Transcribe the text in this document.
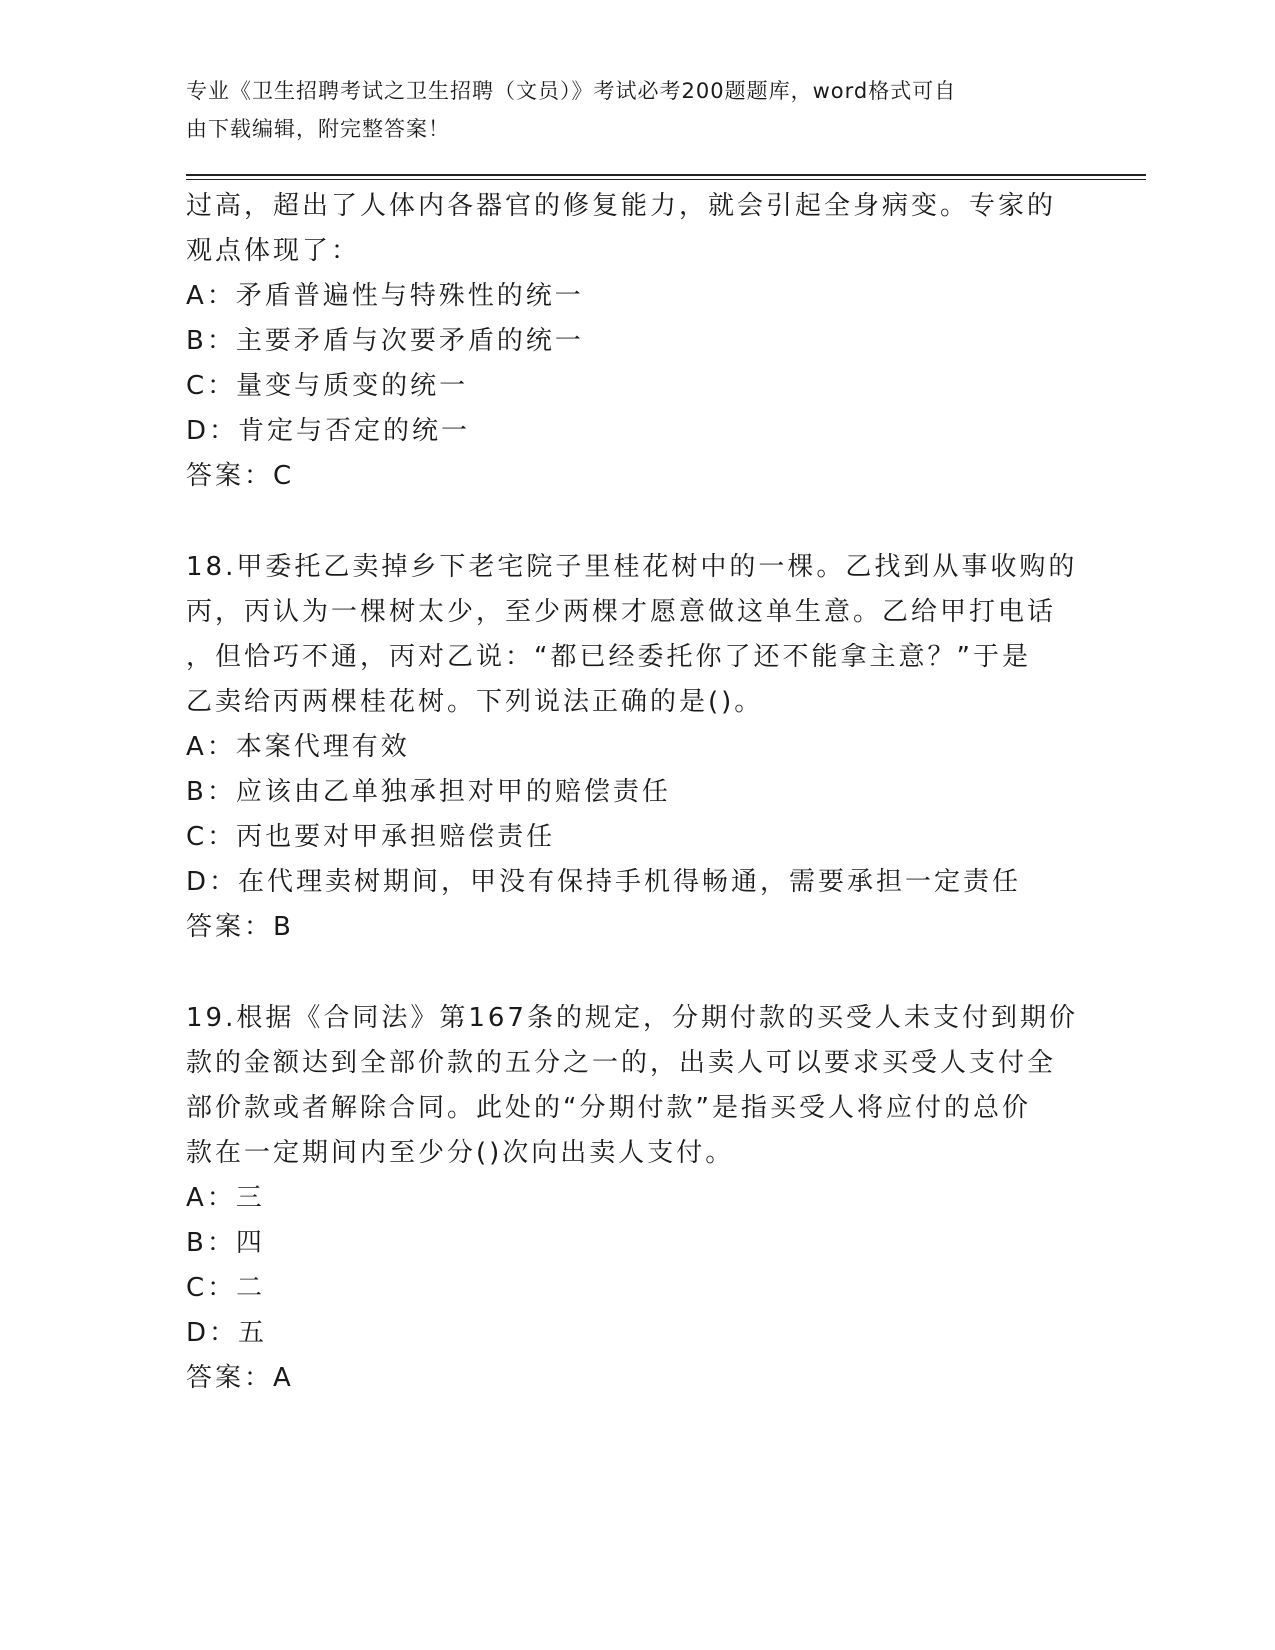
专业《卫生招聘考试之卫生招聘（文员）》考试必考200题题库，word格式可自
由下载编辑，附完整答案！
过高，超出了人体内各器官的修复能力，就会引起全身病变。专家的
观点体现了：
A：矛盾普遍性与特殊性的统一
B：主要矛盾与次要矛盾的统一
C：量变与质变的统一
D：肯定与否定的统一
答案：C
18.甲委托乙卖掉乡下老宅院子里桂花树中的一棵。乙找到从事收购的
丙，丙认为一棵树太少，至少两棵才愿意做这单生意。乙给甲打电话
，但恰巧不通，丙对乙说：“都已经委托你了还不能拿主意？”于是
乙卖给丙两棵桂花树。下列说法正确的是()。
A：本案代理有效
B：应该由乙单独承担对甲的赔偿责任
C：丙也要对甲承担赔偿责任
D：在代理卖树期间，甲没有保持手机得畅通，需要承担一定责任
答案：B
19.根据《合同法》第167条的规定，分期付款的买受人未支付到期价
款的金额达到全部价款的五分之一的，出卖人可以要求买受人支付全
部价款或者解除合同。此处的“分期付款”是指买受人将应付的总价
款在一定期间内至少分()次向出卖人支付。
A：三
B：四
C：二
D：五
答案：A
